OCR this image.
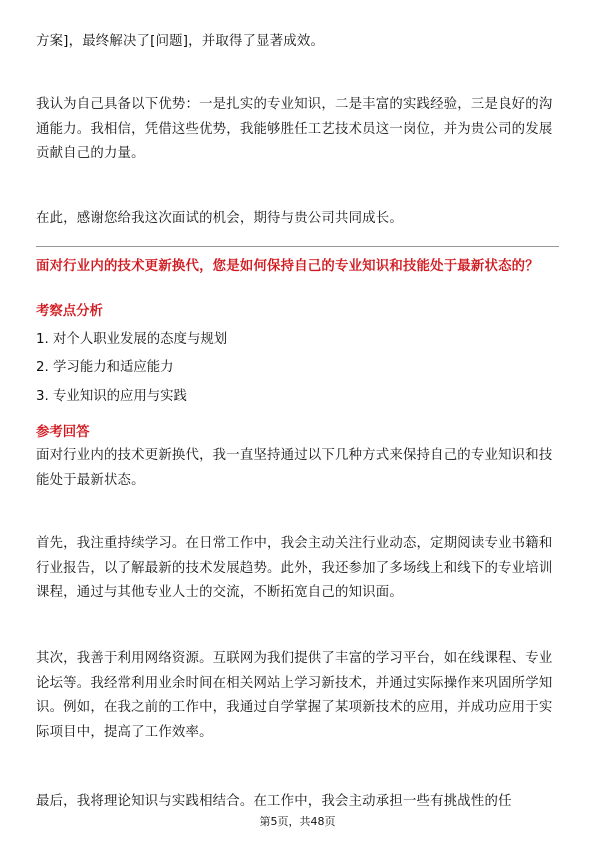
方案]，最终解决了[问题]，并取得了显著成效。

我认为自己具备以下优势：一是扎实的专业知识，二是丰富的实践经验，三是良好的沟通能力。我相信，凭借这些优势，我能够胜任工艺技术员这一岗位，并为贵公司的发展贡献自己的力量。

在此，感谢您给我这次面试的机会，期待与贵公司共同成长。

面对行业内的技术更新换代，您是如何保持自己的专业知识和技能处于最新状态的？

考察点分析

1. 对个人职业发展的态度与规划

2. 学习能力和适应能力

3. 专业知识的应用与实践

参考回答

面对行业内的技术更新换代，我一直坚持通过以下几种方式来保持自己的专业知识和技能处于最新状态。

首先，我注重持续学习。在日常工作中，我会主动关注行业动态，定期阅读专业书籍和行业报告，以了解最新的技术发展趋势。此外，我还参加了多场线上和线下的专业培训课程，通过与其他专业人士的交流，不断拓宽自己的知识面。

其次，我善于利用网络资源。互联网为我们提供了丰富的学习平台，如在线课程、专业论坛等。我经常利用业余时间在相关网站上学习新技术，并通过实际操作来巩固所学知识。例如，在我之前的工作中，我通过自学掌握了某项新技术的应用，并成功应用于实际项目中，提高了工作效率。

最后，我将理论知识与实践相结合。在工作中，我会主动承担一些有挑战性的任

第5页，共48页
